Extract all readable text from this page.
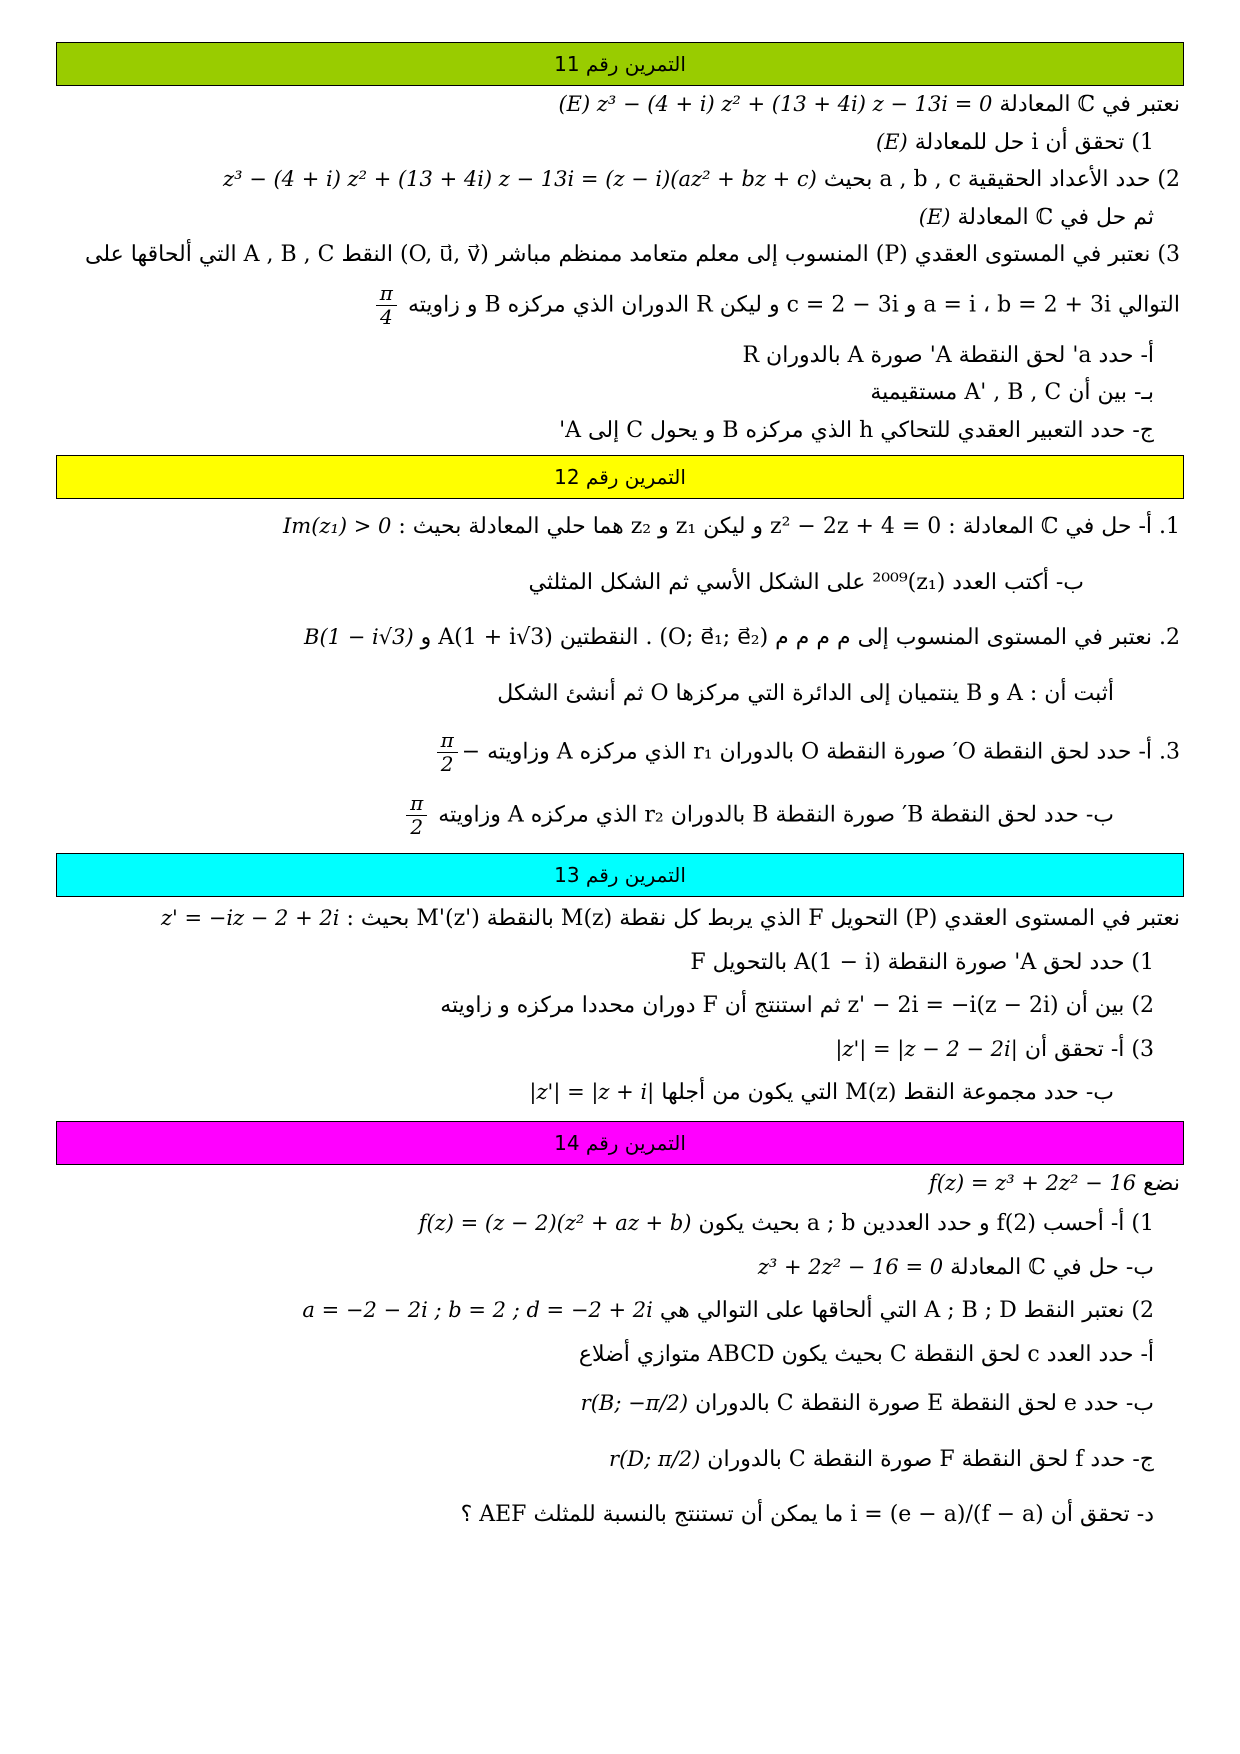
التمرين رقم 11
نعتبر في ℂ المعادلة (E) z³ − (4 + i) z² + (13 + 4i) z − 13i = 0
1) تحقق أن i حل للمعادلة (E)
2) حدد الأعداد الحقيقية a , b , c بحيث z³ − (4 + i) z² + (13 + 4i) z − 13i = (z − i)(az² + bz + c)
ثم حل في ℂ المعادلة (E)
3) نعتبر في المستوى العقدي (P) المنسوب إلى معلم متعامد ممنظم مباشر (O, u⃗, v⃗) النقط A , B , C التي ألحاقها على
التوالي a = i ، b = 2 + 3i و c = 2 − 3i و ليكن R الدوران الذي مركزه B و زاويته
$\frac{\pi}{4}$
أ- حدد a' لحق النقطة A' صورة A بالدوران R
بـ- بين أن A' , B , C مستقيمية
ج- حدد التعبير العقدي للتحاكي h الذي مركزه B و يحول C إلى A'
التمرين رقم 12
1. أ- حل في ℂ المعادلة : z² − 2z + 4 = 0 و ليكن z₁ و z₂ هما حلي المعادلة بحيث : Im(z₁) > 0
ب- أكتب العدد (z₁)²⁰⁰⁹ على الشكل الأسي ثم الشكل المثلثي
2. نعتبر في المستوى المنسوب إلى م م م م (O; e⃗₁; e⃗₂) . النقطتين A(1 + i√3) و B(1 − i√3)
أثبت أن : A و B ينتميان إلى الدائرة التي مركزها O ثم أنشئ الشكل
3. أ- حدد لحق النقطة O′ صورة النقطة O بالدوران r₁ الذي مركزه A وزاويته −
$\frac{\pi}{2}$
ب- حدد لحق النقطة B′ صورة النقطة B بالدوران r₂ الذي مركزه A وزاويته
$\frac{\pi}{2}$
التمرين رقم 13
نعتبر في المستوى العقدي (P) التحويل F الذي يربط كل نقطة M(z) بالنقطة M'(z') بحيث : z' = −iz − 2 + 2i
1) حدد لحق A' صورة النقطة A(1 − i) بالتحويل F
2) بين أن z' − 2i = −i(z − 2i) ثم استنتج أن F دوران محددا مركزه و زاويته
3) أ- تحقق أن |z'| = |z − 2 − 2i|
ب- حدد مجموعة النقط M(z) التي يكون من أجلها |z'| = |z + i|
التمرين رقم 14
نضع f(z) = z³ + 2z² − 16
1) أ- أحسب f(2) و حدد العددين a ; b بحيث يكون f(z) = (z − 2)(z² + az + b)
ب- حل في ℂ المعادلة z³ + 2z² − 16 = 0
2) نعتبر النقط A ; B ; D التي ألحاقها على التوالي هي a = −2 − 2i ; b = 2 ; d = −2 + 2i
أ- حدد العدد c لحق النقطة C بحيث يكون ABCD متوازي أضلاع
ب- حدد e لحق النقطة E صورة النقطة C بالدوران r(B; −π/2)
ج- حدد f لحق النقطة F صورة النقطة C بالدوران r(D; π/2)
د- تحقق أن (f − a)/(e − a) = i ما يمكن أن تستنتج بالنسبة للمثلث AEF ؟
